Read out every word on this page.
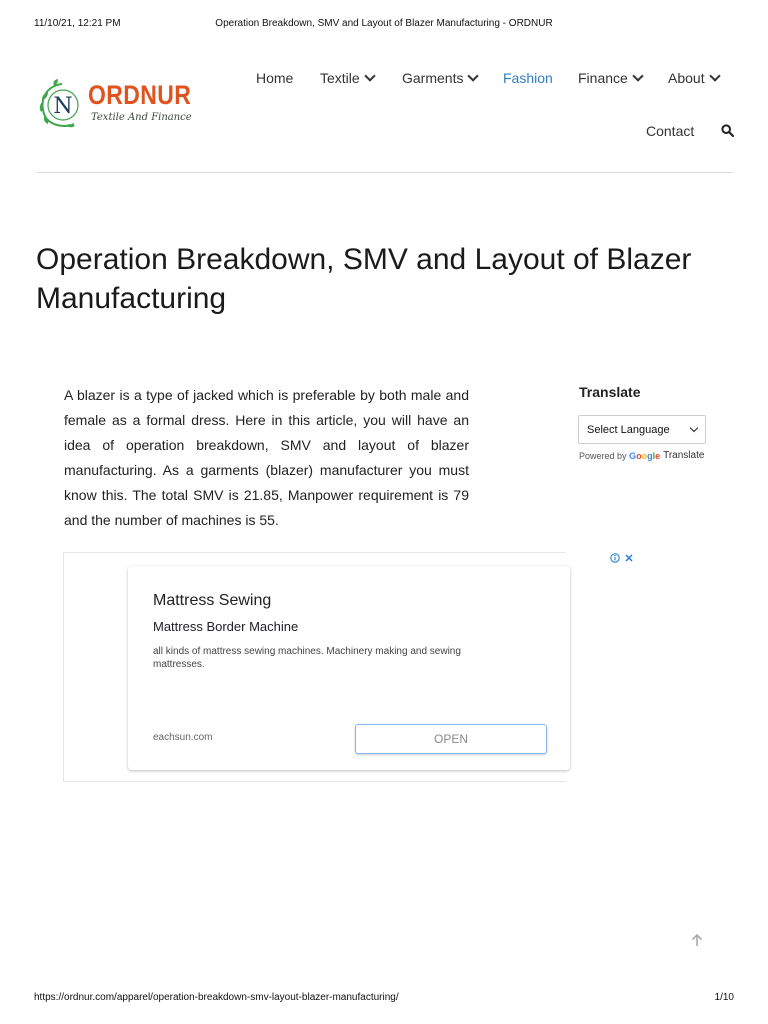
11/10/21, 12:21 PM	Operation Breakdown, SMV and Layout of Blazer Manufacturing - ORDNUR
N ORDNUR
Textile And Finance
Home Textile	Garments	Fashion Finance	About
Contact
Operation Breakdown, SMV and Layout of Blazer Manufacturing

A blazer is a type of jacked which is preferable by both male and female as a formal dress. Here in this article, you will have an idea of operation breakdown, SMV and layout of blazer manufacturing. As a garments (blazer) manufacturer you must know this. The total SMV is 21.85, Manpower requirement is 79 and the number of machines is 55.

Translate
Select Language
Powered by
Google Translate
Mattress Sewing
Mattress Border Machine
all kinds of mattress sewing machines. Machinery making and sewing mattresses.
eachsun.com	OPEN
https://ordnur.com/apparel/operation-breakdown-smv-layout-blazer-manufacturing/	1/10
